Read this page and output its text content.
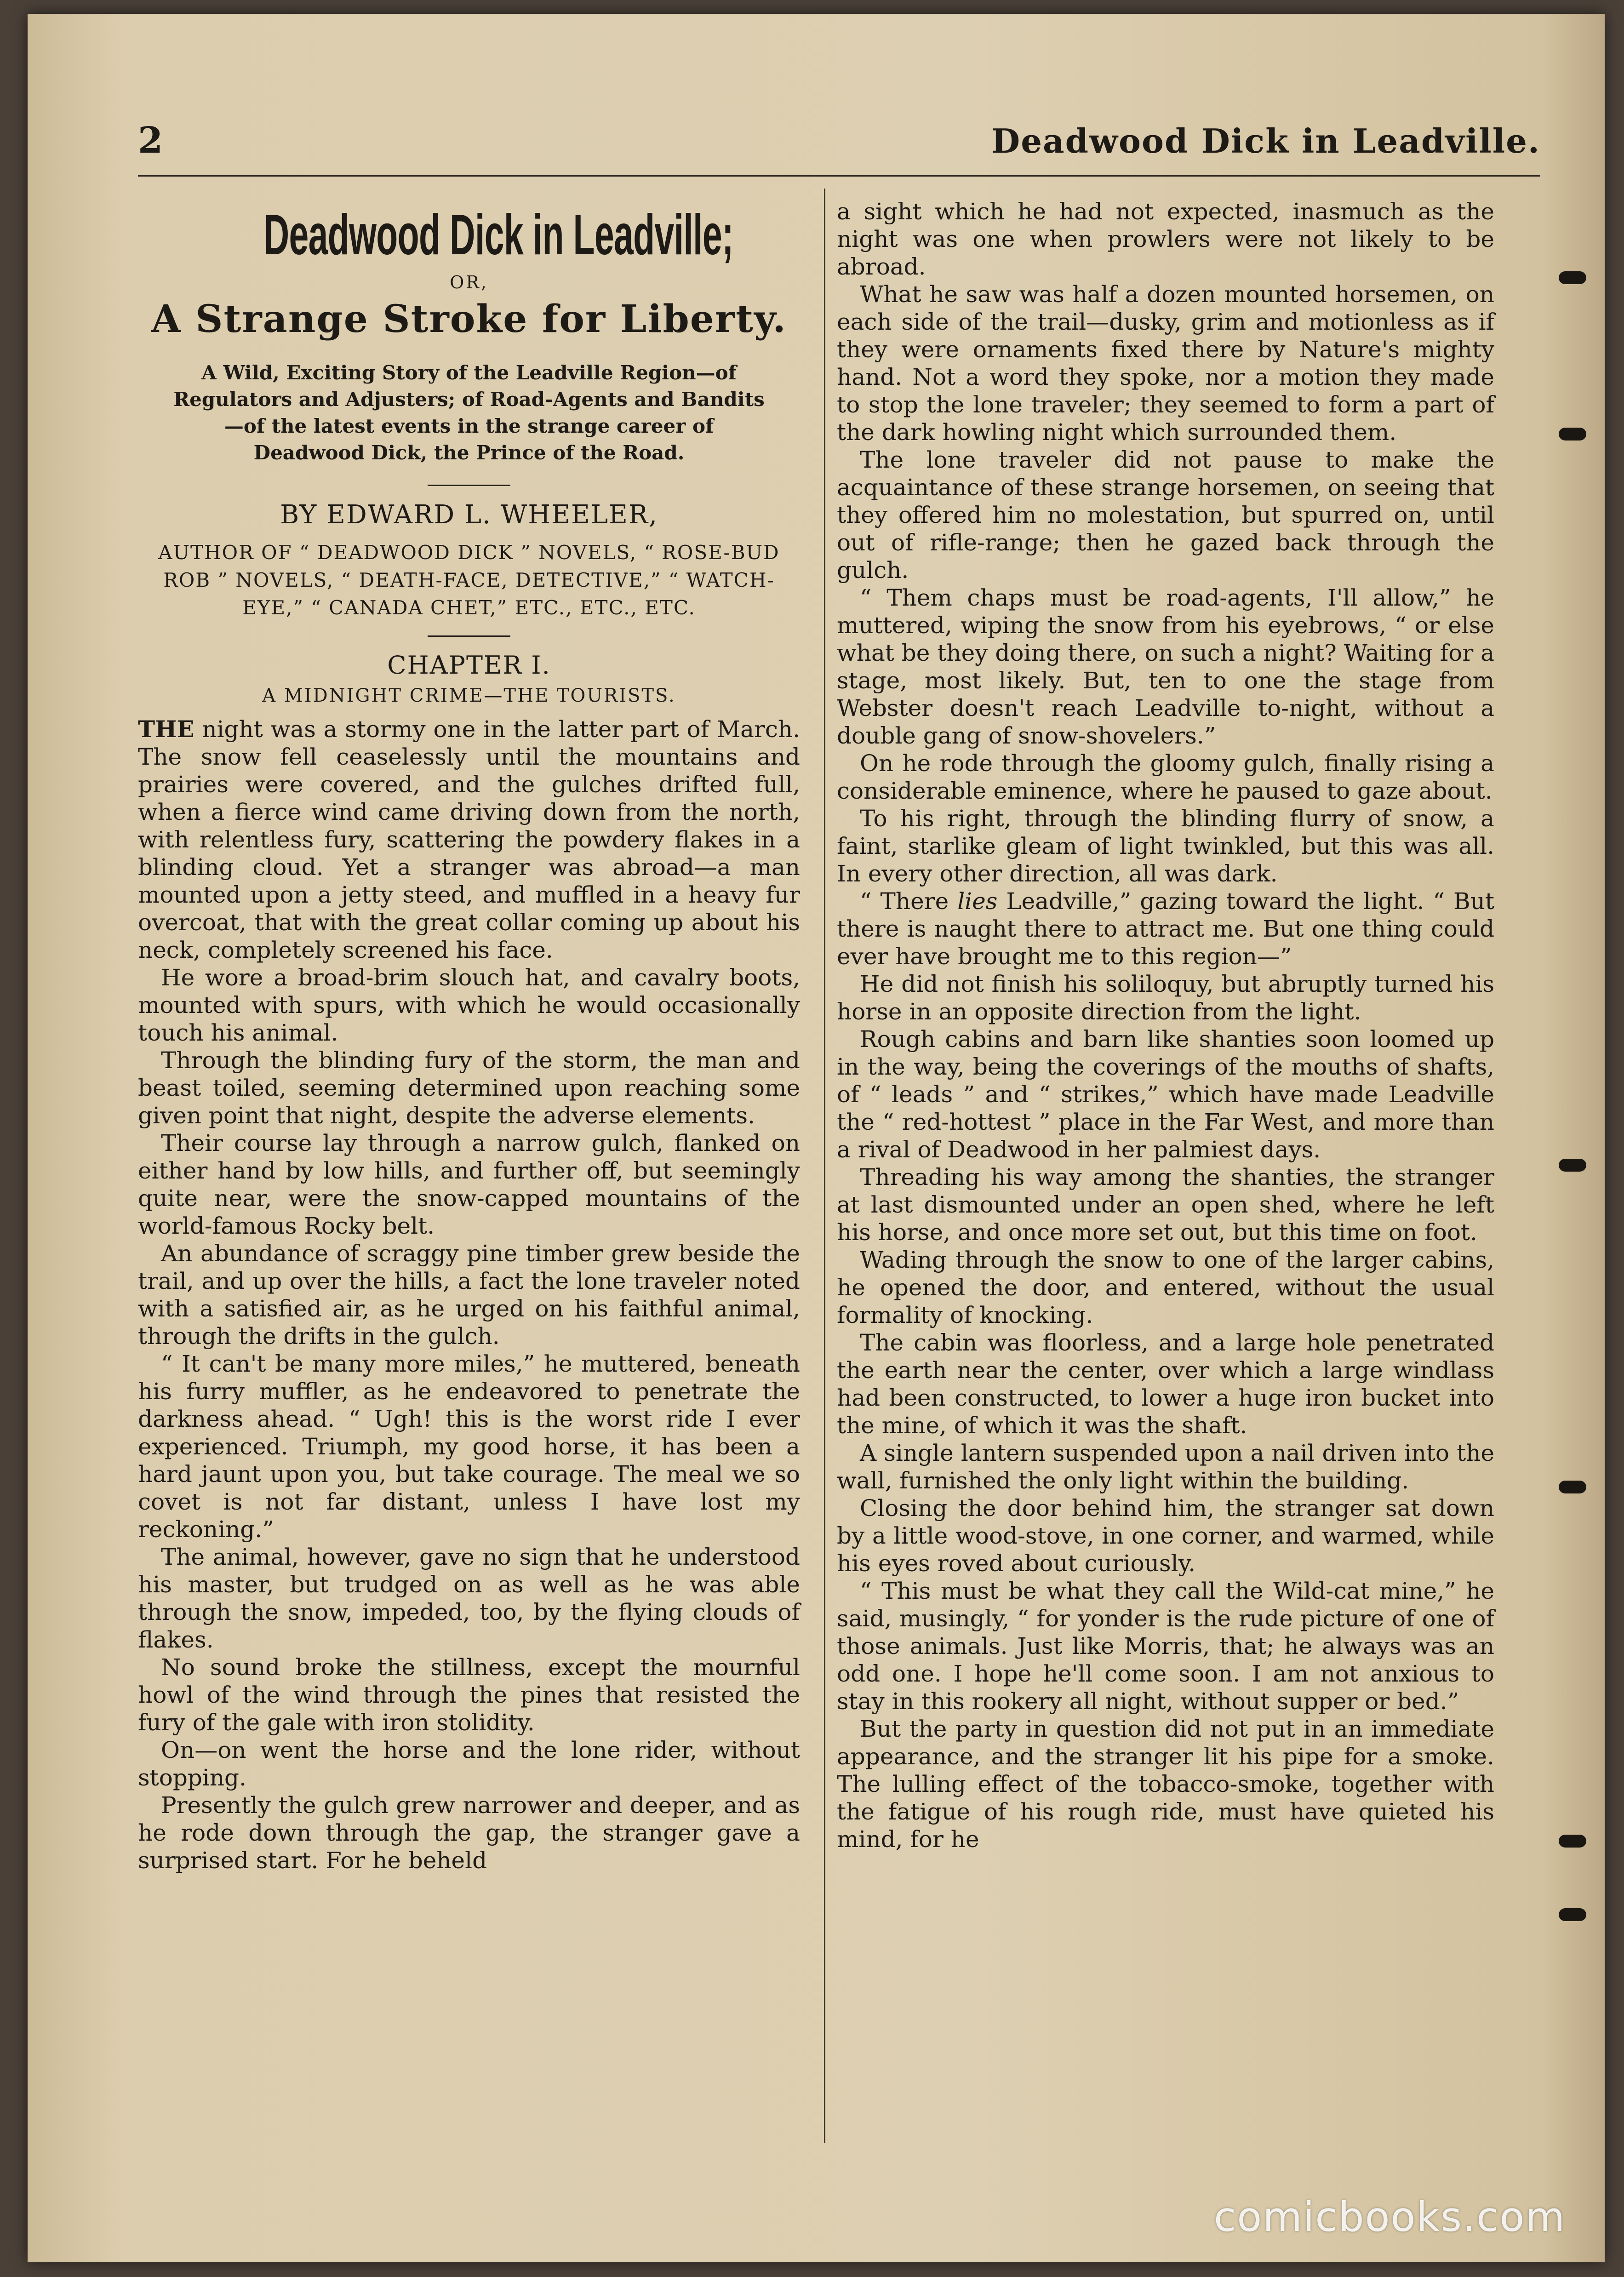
2	Deadwood Dick in Leadville.
Deadwood Dick in Leadville;
OR,
A Strange Stroke for Liberty.
A Wild, Exciting Story of the Leadville Region—of Regulators and Adjusters; of Road-Agents and Bandits—of the latest events in the strange career of Deadwood Dick, the Prince of the Road.
BY EDWARD L. WHEELER,
AUTHOR OF “ DEADWOOD DICK ” NOVELS, “ ROSE-BUD ROB ” NOVELS, “ DEATH-FACE, DETECTIVE,” “ WATCH-EYE,” “ CANADA CHET,” ETC., ETC., ETC.
CHAPTER I.
A MIDNIGHT CRIME—THE TOURISTS.

THE night was a stormy one in the latter part of March. The snow fell ceaselessly until the mountains and prairies were covered, and the gulches drifted full, when a fierce wind came driving down from the north, with relentless fury, scattering the powdery flakes in a blinding cloud. Yet a stranger was abroad—a man mounted upon a jetty steed, and muffled in a heavy fur overcoat, that with the great collar coming up about his neck, completely screened his face.

He wore a broad-brim slouch hat, and cavalry boots, mounted with spurs, with which he would occasionally touch his animal.

Through the blinding fury of the storm, the man and beast toiled, seeming determined upon reaching some given point that night, despite the adverse elements.

Their course lay through a narrow gulch, flanked on either hand by low hills, and further off, but seemingly quite near, were the snow-capped mountains of the world-famous Rocky belt.

An abundance of scraggy pine timber grew beside the trail, and up over the hills, a fact the lone traveler noted with a satisfied air, as he urged on his faithful animal, through the drifts in the gulch.

“ It can't be many more miles,” he muttered, beneath his furry muffler, as he endeavored to penetrate the darkness ahead. “ Ugh! this is the worst ride I ever experienced. Triumph, my good horse, it has been a hard jaunt upon you, but take courage. The meal we so covet is not far distant, unless I have lost my reckoning.”

The animal, however, gave no sign that he understood his master, but trudged on as well as he was able through the snow, impeded, too, by the flying clouds of flakes.

No sound broke the stillness, except the mournful howl of the wind through the pines that resisted the fury of the gale with iron stolidity.

On—on went the horse and the lone rider, without stopping.

Presently the gulch grew narrower and deeper, and as he rode down through the gap, the stranger gave a surprised start. For he beheld

a sight which he had not expected, inasmuch as the night was one when prowlers were not likely to be abroad.

What he saw was half a dozen mounted horsemen, on each side of the trail—dusky, grim and motionless as if they were ornaments fixed there by Nature's mighty hand. Not a word they spoke, nor a motion they made to stop the lone traveler; they seemed to form a part of the dark howling night which surrounded them.

The lone traveler did not pause to make the acquaintance of these strange horsemen, on seeing that they offered him no molestation, but spurred on, until out of rifle-range; then he gazed back through the gulch.

“ Them chaps must be road-agents, I'll allow,” he muttered, wiping the snow from his eyebrows, “ or else what be they doing there, on such a night? Waiting for a stage, most likely. But, ten to one the stage from Webster doesn't reach Leadville to-night, without a double gang of snow-shovelers.”

On he rode through the gloomy gulch, finally rising a considerable eminence, where he paused to gaze about.

To his right, through the blinding flurry of snow, a faint, starlike gleam of light twinkled, but this was all. In every other direction, all was dark.

“ There lies Leadville,” gazing toward the light. “ But there is naught there to attract me. But one thing could ever have brought me to this region—”

He did not finish his soliloquy, but abruptly turned his horse in an opposite direction from the light.

Rough cabins and barn like shanties soon loomed up in the way, being the coverings of the mouths of shafts, of “ leads ” and “ strikes,” which have made Leadville the “ red-hottest ” place in the Far West, and more than a rival of Deadwood in her palmiest days.

Threading his way among the shanties, the stranger at last dismounted under an open shed, where he left his horse, and once more set out, but this time on foot.

Wading through the snow to one of the larger cabins, he opened the door, and entered, without the usual formality of knocking.

The cabin was floorless, and a large hole penetrated the earth near the center, over which a large windlass had been constructed, to lower a huge iron bucket into the mine, of which it was the shaft.

A single lantern suspended upon a nail driven into the wall, furnished the only light within the building.

Closing the door behind him, the stranger sat down by a little wood-stove, in one corner, and warmed, while his eyes roved about curiously.

“ This must be what they call the Wild-cat mine,” he said, musingly, “ for yonder is the rude picture of one of those animals. Just like Morris, that; he always was an odd one. I hope he'll come soon. I am not anxious to stay in this rookery all night, without supper or bed.”

But the party in question did not put in an immediate appearance, and the stranger lit his pipe for a smoke. The lulling effect of the tobacco-smoke, together with the fatigue of his rough ride, must have quieted his mind, for he

comicbooks.com
